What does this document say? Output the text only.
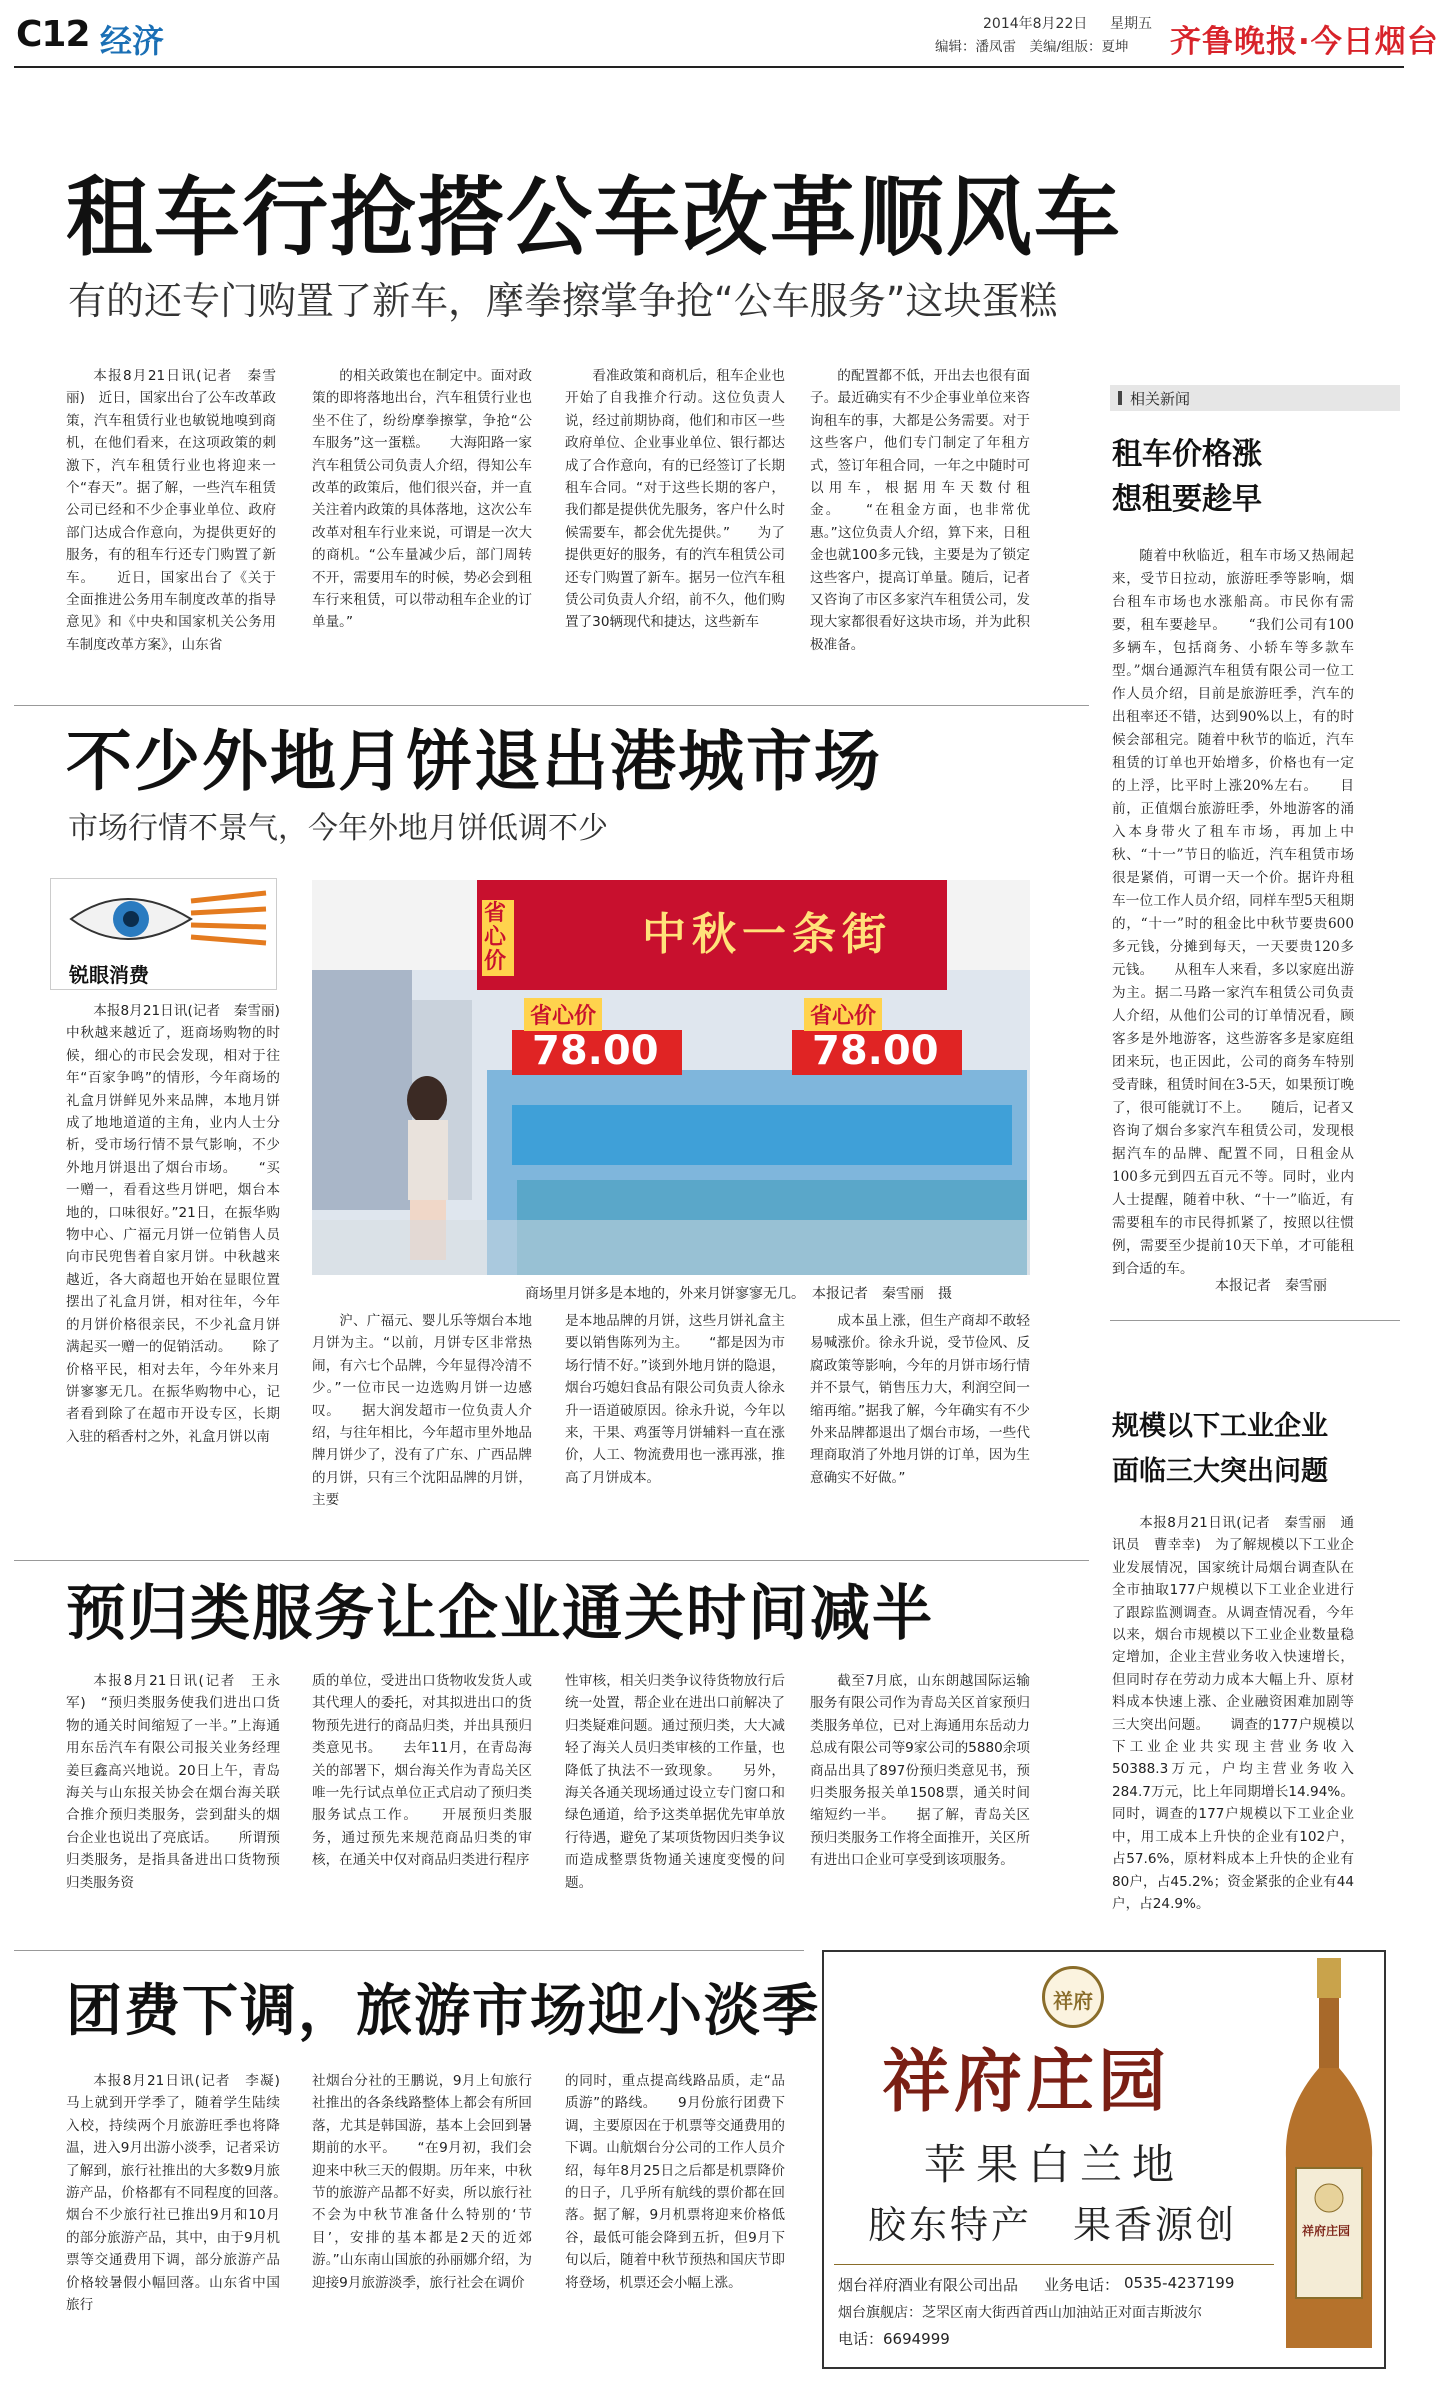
C12 经济	2014年8月22日 星期五
编辑：潘凤雷　美编/组版：夏坤 齐鲁晚报·今日烟台
租车行抢搭公车改革顺风车
有的还专门购置了新车，摩拳擦掌争抢“公车服务”这块蛋糕

本报8月21日讯(记者　秦雪丽)　近日，国家出台了公车改革政策，汽车租赁行业也敏锐地嗅到商机，在他们看来，在这项政策的刺激下，汽车租赁行业也将迎来一个“春天”。据了解，一些汽车租赁公司已经和不少企事业单位、政府部门达成合作意向，为提供更好的服务，有的租车行还专门购置了新车。　　近日，国家出台了《关于全面推进公务用车制度改革的指导意见》和《中央和国家机关公务用车制度改革方案》，山东省

的相关政策也在制定中。面对政策的即将落地出台，汽车租赁行业也坐不住了，纷纷摩拳擦掌，争抢“公车服务”这一蛋糕。　　大海阳路一家汽车租赁公司负责人介绍，得知公车改革的政策后，他们很兴奋，并一直关注着内政策的具体落地，这次公车改革对租车行业来说，可谓是一次大的商机。“公车量减少后，部门周转不开，需要用车的时候，势必会到租车行来租赁，可以带动租车企业的订单量。”

看准政策和商机后，租车企业也开始了自我推介行动。这位负责人说，经过前期协商，他们和市区一些政府单位、企业事业单位、银行都达成了合作意向，有的已经签订了长期租车合同。“对于这些长期的客户，我们都是提供优先服务，客户什么时候需要车，都会优先提供。”　　为了提供更好的服务，有的汽车租赁公司还专门购置了新车。据另一位汽车租赁公司负责人介绍，前不久，他们购置了30辆现代和捷达，这些新车

的配置都不低，开出去也很有面子。最近确实有不少企事业单位来咨询租车的事，大都是公务需要。对于这些客户，他们专门制定了年租方式，签订年租合同，一年之中随时可以用车，根据用车天数付租金。　　“在租金方面，也非常优惠。”这位负责人介绍，算下来，日租金也就100多元钱，主要是为了锁定这些客户，提高订单量。随后，记者又咨询了市区多家汽车租赁公司，发现大家都很看好这块市场，并为此积极准备。

相关新闻
租车价格涨
想租要趁早

随着中秋临近，租车市场又热闹起来，受节日拉动，旅游旺季等影响，烟台租车市场也水涨船高。市民你有需要，租车要趁早。　　“我们公司有100多辆车，包括商务、小轿车等多款车型。”烟台通源汽车租赁有限公司一位工作人员介绍，目前是旅游旺季，汽车的出租率还不错，达到90%以上，有的时候会部租完。随着中秋节的临近，汽车租赁的订单也开始增多，价格也有一定的上浮，比平时上涨20%左右。　　目前，正值烟台旅游旺季，外地游客的涌入本身带火了租车市场，再加上中秋、“十一”节日的临近，汽车租赁市场很是紧俏，可谓一天一个价。据许舟租车一位工作人员介绍，同样车型5天租期的，“十一”时的租金比中秋节要贵600多元钱，分摊到每天，一天要贵120多元钱。　　从租车人来看，多以家庭出游为主。据二马路一家汽车租赁公司负责人介绍，从他们公司的订单情况看，顾客多是外地游客，这些游客多是家庭组团来玩，也正因此，公司的商务车特别受青睐，租赁时间在3-5天，如果预订晚了，很可能就订不上。　　随后，记者又咨询了烟台多家汽车租赁公司，发现根据汽车的品牌、配置不同，日租金从100多元到四五百元不等。同时，业内人士提醒，随着中秋、“十一”临近，有需要租车的市民得抓紧了，按照以往惯例，需要至少提前10天下单，才可能租到合适的车。

本报记者　秦雪丽
不少外地月饼退出港城市场
市场行情不景气，今年外地月饼低调不少
锐眼消费
中秋一条街
省心价
78.00
省心价
78.00
省心价
商场里月饼多是本地的，外来月饼寥寥无几。　本报记者　秦雪丽　摄

本报8月21日讯(记者　秦雪丽)　中秋越来越近了，逛商场购物的时候，细心的市民会发现，相对于往年“百家争鸣”的情形，今年商场的礼盒月饼鲜见外来品牌，本地月饼成了地地道道的主角，业内人士分析，受市场行情不景气影响，不少外地月饼退出了烟台市场。　　“买一赠一，看看这些月饼吧，烟台本地的，口味很好。”21日，在振华购物中心、广福元月饼一位销售人员向市民兜售着自家月饼。中秋越来越近，各大商超也开始在显眼位置摆出了礼盒月饼，相对往年，今年的月饼价格很亲民，不少礼盒月饼满起买一赠一的促销活动。　　除了价格平民，相对去年，今年外来月饼寥寥无几。在振华购物中心，记者看到除了在超市开设专区，长期入驻的稻香村之外，礼盒月饼以南

沪、广福元、婴儿乐等烟台本地月饼为主。“以前，月饼专区非常热闹，有六七个品牌，今年显得冷清不少。”一位市民一边选购月饼一边感叹。　　据大润发超市一位负责人介绍，与往年相比，今年超市里外地品牌月饼少了，没有了广东、广西品牌的月饼，只有三个沈阳品牌的月饼，主要

是本地品牌的月饼，这些月饼礼盒主要以销售陈列为主。　　“都是因为市场行情不好。”谈到外地月饼的隐退，烟台巧媳妇食品有限公司负责人徐永升一语道破原因。徐永升说，今年以来，干果、鸡蛋等月饼辅料一直在涨价，人工、物流费用也一涨再涨，推高了月饼成本。

成本虽上涨，但生产商却不敢轻易喊涨价。徐永升说，受节俭风、反腐政策等影响，今年的月饼市场行情并不景气，销售压力大，利润空间一缩再缩。”据我了解，今年确实有不少外来品牌都退出了烟台市场，一些代理商取消了外地月饼的订单，因为生意确实不好做。”

规模以下工业企业
面临三大突出问题

本报8月21日讯(记者　秦雪丽　通讯员　曹幸幸)　为了解规模以下工业企业发展情况，国家统计局烟台调查队在全市抽取177户规模以下工业企业进行了跟踪监测调查。从调查情况看，今年以来，烟台市规模以下工业企业数量稳定增加，企业主营业务收入快速增长，但同时存在劳动力成本大幅上升、原材料成本快速上涨、企业融资困难加剧等三大突出问题。　　调查的177户规模以下工业企业共实现主营业务收入50388.3万元，户均主营业务收入284.7万元，比上年同期增长14.94%。同时，调查的177户规模以下工业企业中，用工成本上升快的企业有102户，占57.6%，原材料成本上升快的企业有80户，占45.2%；资金紧张的企业有44户，占24.9%。

预归类服务让企业通关时间减半

本报8月21日讯(记者　王永军)　“预归类服务使我们进出口货物的通关时间缩短了一半。”上海通用东岳汽车有限公司报关业务经理姜巨鑫高兴地说。20日上午，青岛海关与山东报关协会在烟台海关联合推介预归类服务，尝到甜头的烟台企业也说出了亮底话。　　所谓预归类服务，是指具备进出口货物预归类服务资

质的单位，受进出口货物收发货人或其代理人的委托，对其拟进出口的货物预先进行的商品归类，并出具预归类意见书。　　去年11月，在青岛海关的部署下，烟台海关作为青岛关区唯一先行试点单位正式启动了预归类服务试点工作。　　开展预归类服务，通过预先来规范商品归类的审核，在通关中仅对商品归类进行程序

性审核，相关归类争议待货物放行后统一处置，帮企业在进出口前解决了归类疑难问题。通过预归类，大大减轻了海关人员归类审核的工作量，也降低了执法不一致现象。　　另外，海关各通关现场通过设立专门窗口和绿色通道，给予这类单据优先审单放行待遇，避免了某项货物因归类争议而造成整票货物通关速度变慢的问题。

截至7月底，山东朗越国际运输服务有限公司作为青岛关区首家预归类服务单位，已对上海通用东岳动力总成有限公司等9家公司的5880余项商品出具了897份预归类意见书，预归类服务报关单1508票，通关时间缩短约一半。　　据了解，青岛关区预归类服务工作将全面推开，关区所有进出口企业可享受到该项服务。

团费下调，旅游市场迎小淡季

本报8月21日讯(记者　李凝)　马上就到开学季了，随着学生陆续入校，持续两个月旅游旺季也将降温，进入9月出游小淡季，记者采访了解到，旅行社推出的大多数9月旅游产品，价格都有不同程度的回落。　　烟台不少旅行社已推出9月和10月的部分旅游产品，其中，由于9月机票等交通费用下调，部分旅游产品价格较暑假小幅回落。山东省中国旅行

社烟台分社的王鹏说，9月上旬旅行社推出的各条线路整体上都会有所回落，尤其是韩国游，基本上会回到暑期前的水平。　　“在9月初，我们会迎来中秋三天的假期。历年来，中秋节的旅游产品都不好卖，所以旅行社不会为中秋节准备什么特别的‘节目’，安排的基本都是2天的近郊游。”山东南山国旅的孙丽娜介绍，为迎接9月旅游淡季，旅行社会在调价

的同时，重点提高线路品质，走“品质游”的路线。　　9月份旅行团费下调，主要原因在于机票等交通费用的下调。山航烟台分公司的工作人员介绍，每年8月25日之后都是机票降价的日子，几乎所有航线的票价都在回落。据了解，9月机票将迎来价格低谷，最低可能会降到五折，但9月下旬以后，随着中秋节预热和国庆节即将登场，机票还会小幅上涨。

祥府
祥府庄园
苹果白兰地
胶东特产　果香源创
烟台祥府酒业有限公司出品 业务电话： 0535-4237199
烟台旗舰店：芝罘区南大街西首西山加油站正对面吉斯波尔
电话：6694999
祥府庄园
